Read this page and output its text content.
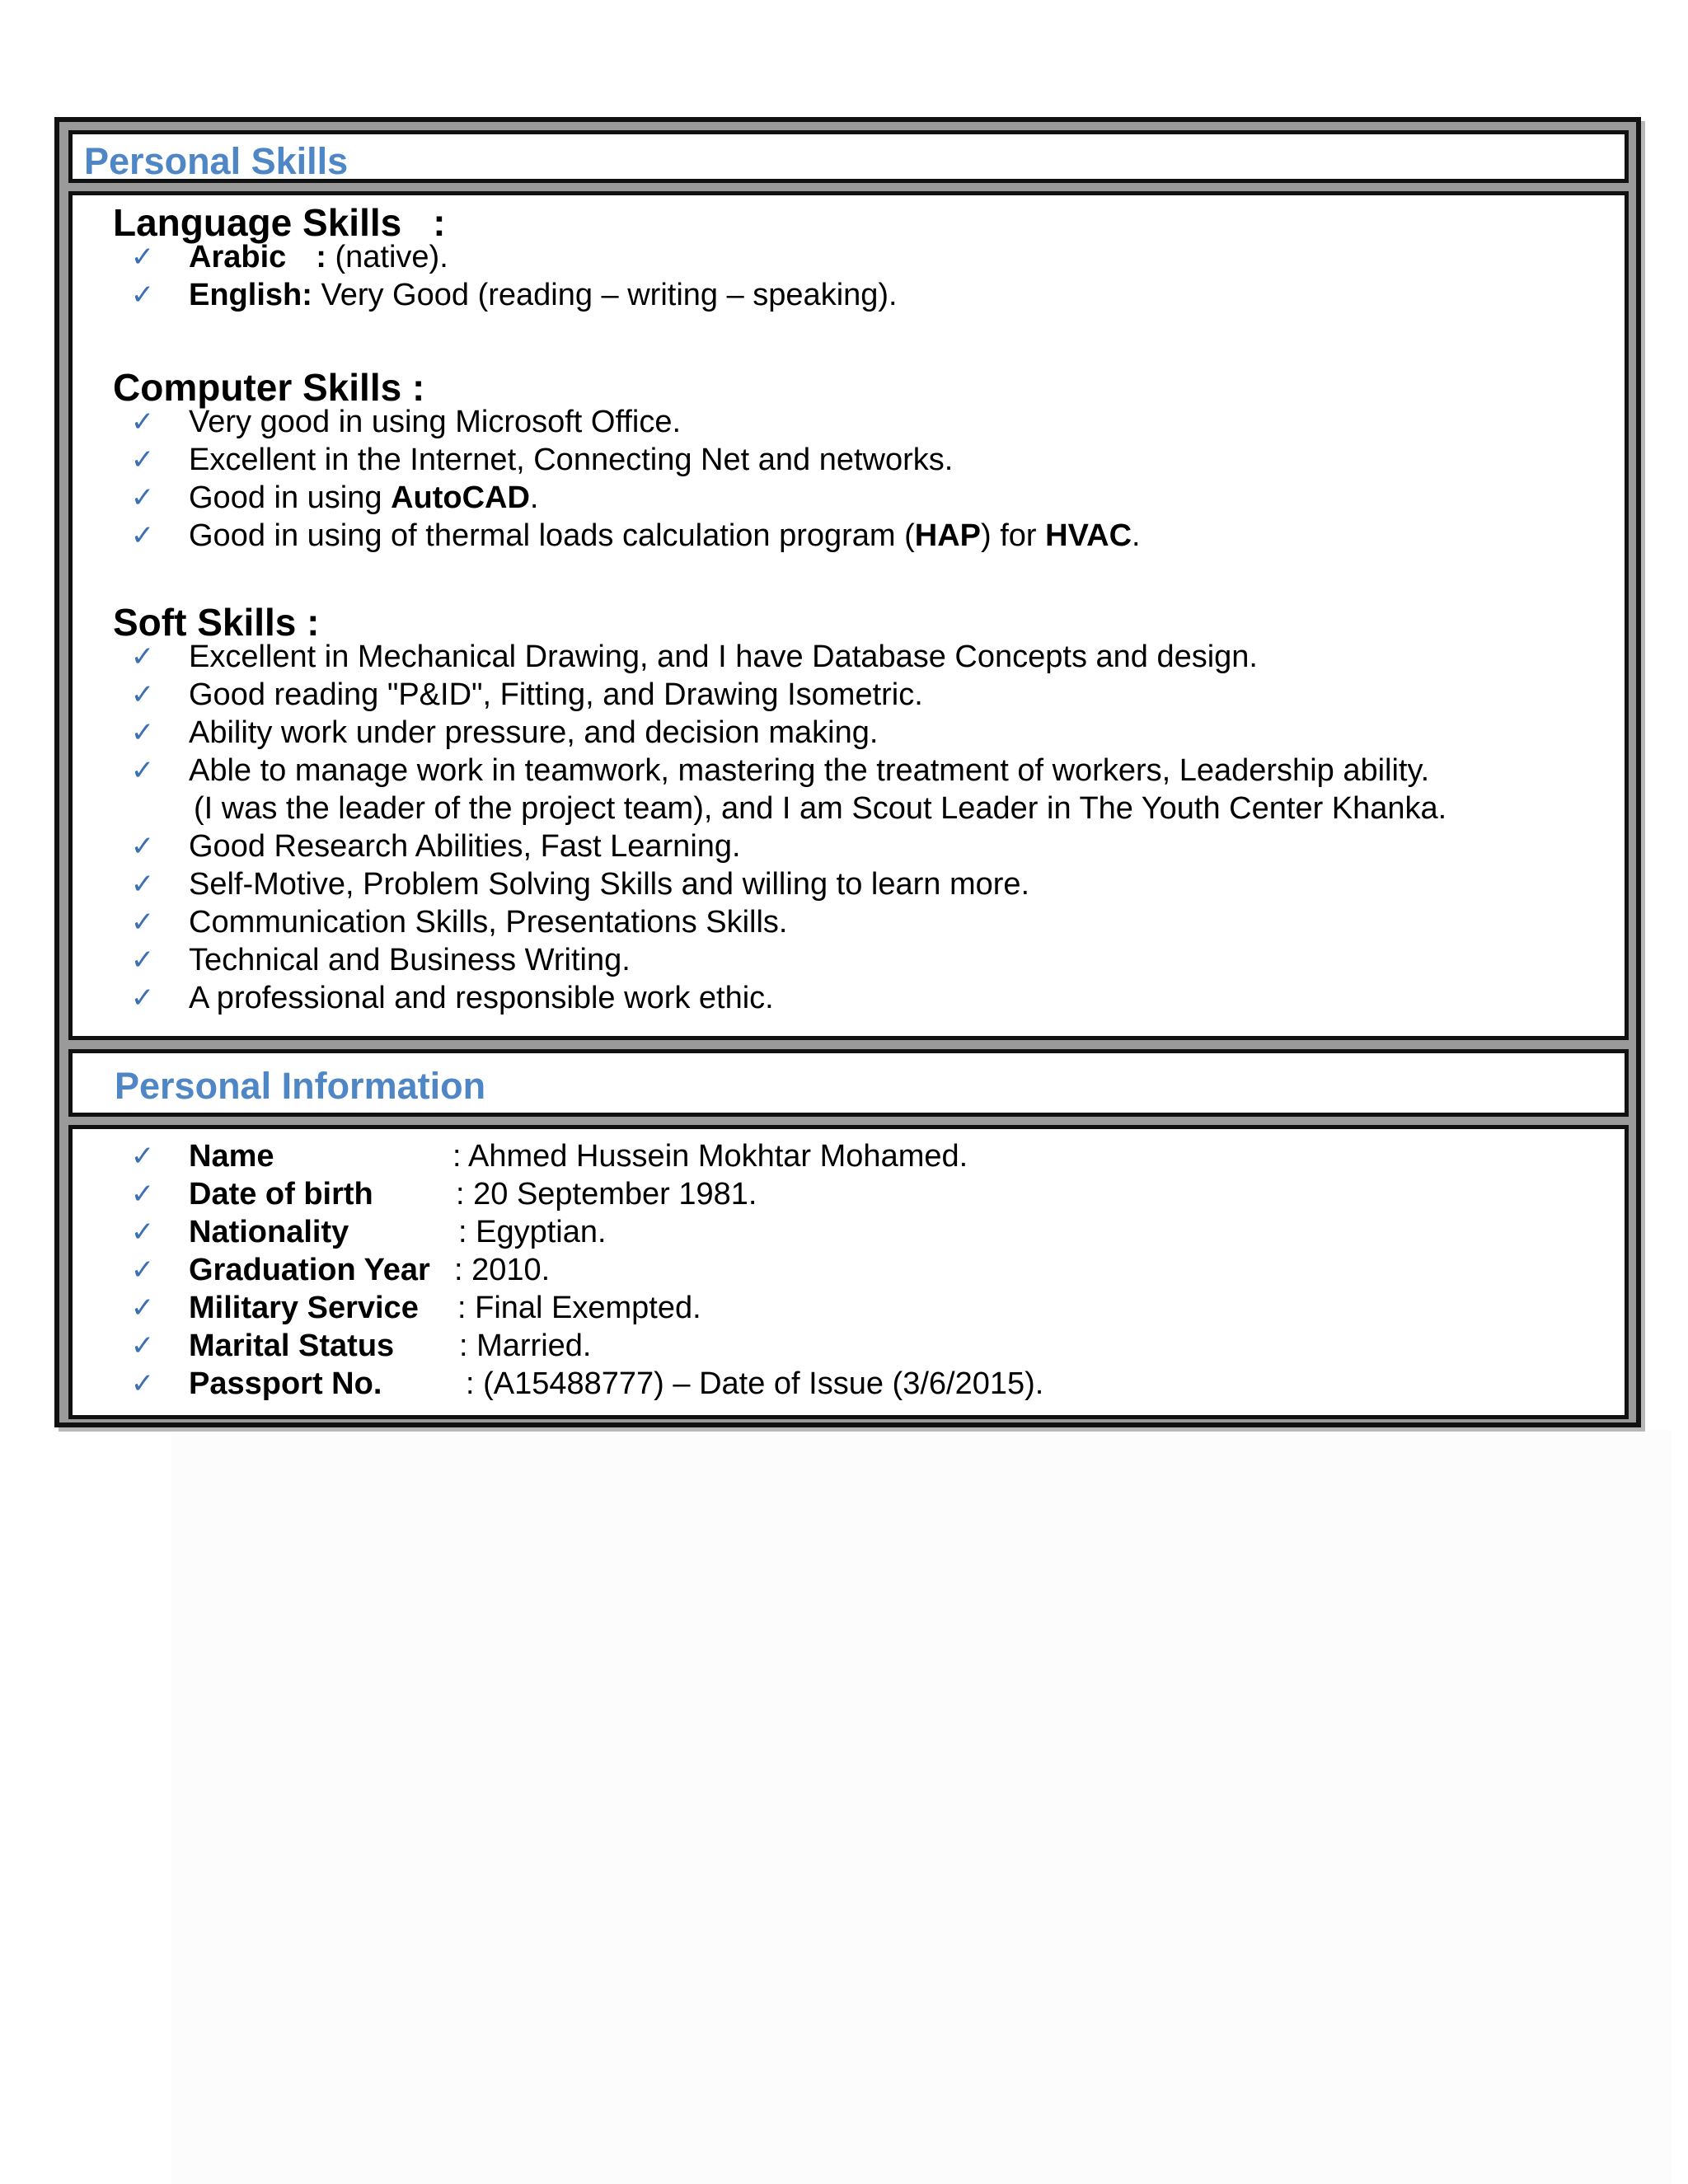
Personal Skills
Language Skills :
✓ Arabic : (native).
✓ English: Very Good (reading – writing – speaking).
Computer Skills :
✓ Very good in using Microsoft Office.
✓ Excellent in the Internet, Connecting Net and networks.
✓ Good in using AutoCAD.
✓ Good in using of thermal loads calculation program (HAP) for HVAC.
Soft Skills :
✓ Excellent in Mechanical Drawing, and I have Database Concepts and design.
✓ Good reading "P&ID", Fitting, and Drawing Isometric.
✓ Ability work under pressure, and decision making.
✓ Able to manage work in teamwork, mastering the treatment of workers, Leadership ability.
(I was the leader of the project team), and I am Scout Leader in The Youth Center Khanka.
✓ Good Research Abilities, Fast Learning.
✓ Self-Motive, Problem Solving Skills and willing to learn more.
✓ Communication Skills, Presentations Skills.
✓ Technical and Business Writing.
✓ A professional and responsible work ethic.
Personal Information
✓ Name	: Ahmed Hussein Mokhtar Mohamed.
✓ Date of birth	: 20 September 1981.
✓ Nationality	: Egyptian.
✓ Graduation Year : 2010.
✓ Military Service : Final Exempted.
✓ Marital Status : Married.
✓ Passport No.	: (A15488777) – Date of Issue (3/6/2015).
